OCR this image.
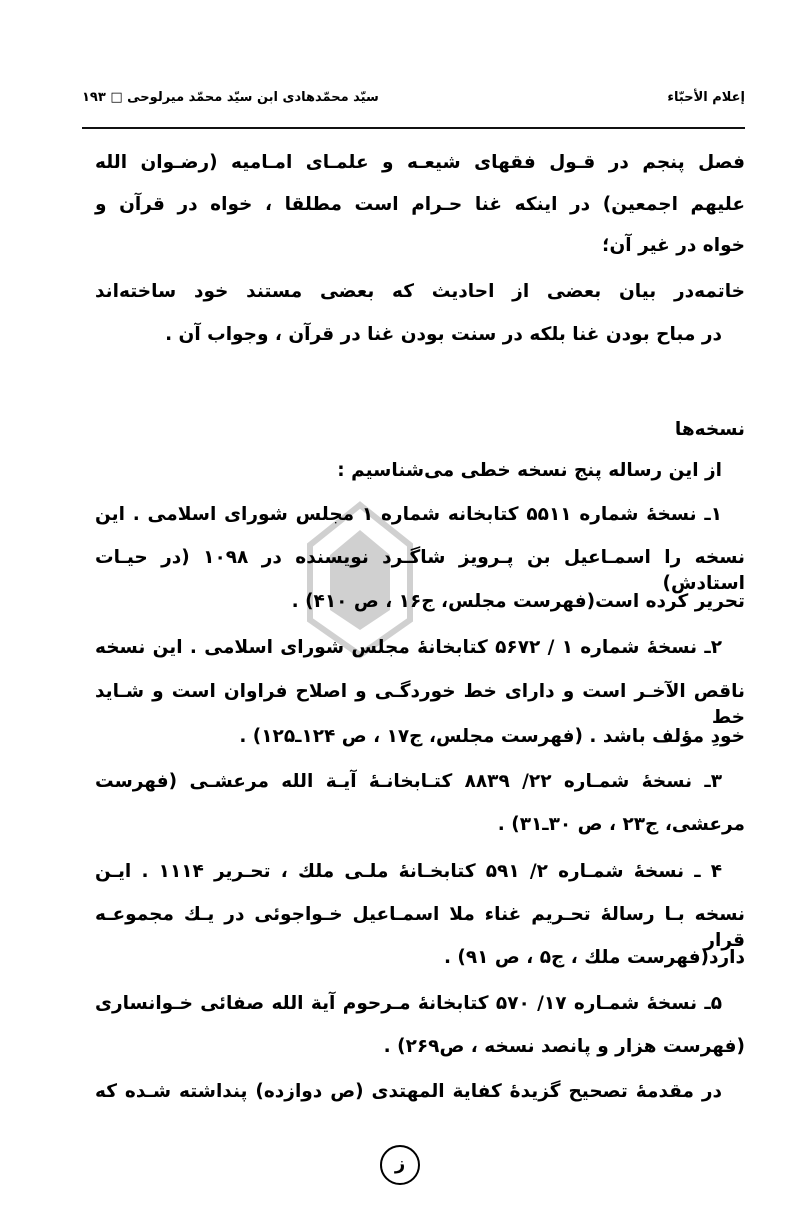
إعلام الأحبّاء
سیّد محمّدهادی ابن سیّد محمّد میرلوحی □ ۱۹۳
فصل پنجم در قـول فقهای شیعـه و علمـای امـامیه (رضـوان الله
علیهم اجمعین) در اینکه غنا حـرام است مطلقا ، خواه در قرآن و
خواه در غیر آن؛
خاتمه‌در بیان بعضی از احادیث که بعضی مستند خود ساخته‌اند
در مباح بودن غنا بلکه در سنت بودن غنا در قرآن ، وجواب آن .
نسخه‌ها
از این رساله پنج نسخه خطی می‌شناسیم :
۱ـ نسخهٔ شماره ۵۵۱۱ کتابخانه شماره ۱ مجلس شورای اسلامی . این
نسخه را اسمـاعیل بن پـرویز شاگـرد نویسنده در ۱۰۹۸ (در حیـات استادش)
تحریر کرده است(فهرست مجلس، ج۱۶ ، ص ۴۱۰) .
۲ـ نسخهٔ شماره ۱ / ۵۶۷۲ کتابخانهٔ مجلس شورای اسلامی . این نسخه
ناقص الآخـر است و دارای خط خوردگـی و اصلاح فراوان است و شـاید خط
خودِ مؤلف باشد . (فهرست مجلس، ج۱۷ ، ص ۱۲۴ـ۱۲۵) .
۳ـ نسخهٔ شمـاره ۲۲/ ۸۸۳۹ کتـابخانـهٔ آیـة الله مرعشـی (فهرست
مرعشی، ج۲۳ ، ص ۳۰ـ۳۱) .
۴ ـ نسخهٔ شمـاره ۲/ ۵۹۱ کتابخـانهٔ ملـی ملك ، تحـریر ۱۱۱۴ . ایـن
نسخه بـا رسالهٔ تحـریم غناء ملا اسمـاعیل خـواجوئی در یـك مجموعـه قرار
دارد(فهرست ملك ، ج۵ ، ص ۹۱) .
۵ـ نسخهٔ شمـاره ۱۷/ ۵۷۰ کتابخانهٔ مـرحوم آیة الله صفائی خـوانساری
(فهرست هزار و پانصد نسخه ، ص۲۶۹) .
در مقدمهٔ تصحیح گزیدهٔ کفایة المهتدی (ص دوازده) پنداشته شـده که
ز
